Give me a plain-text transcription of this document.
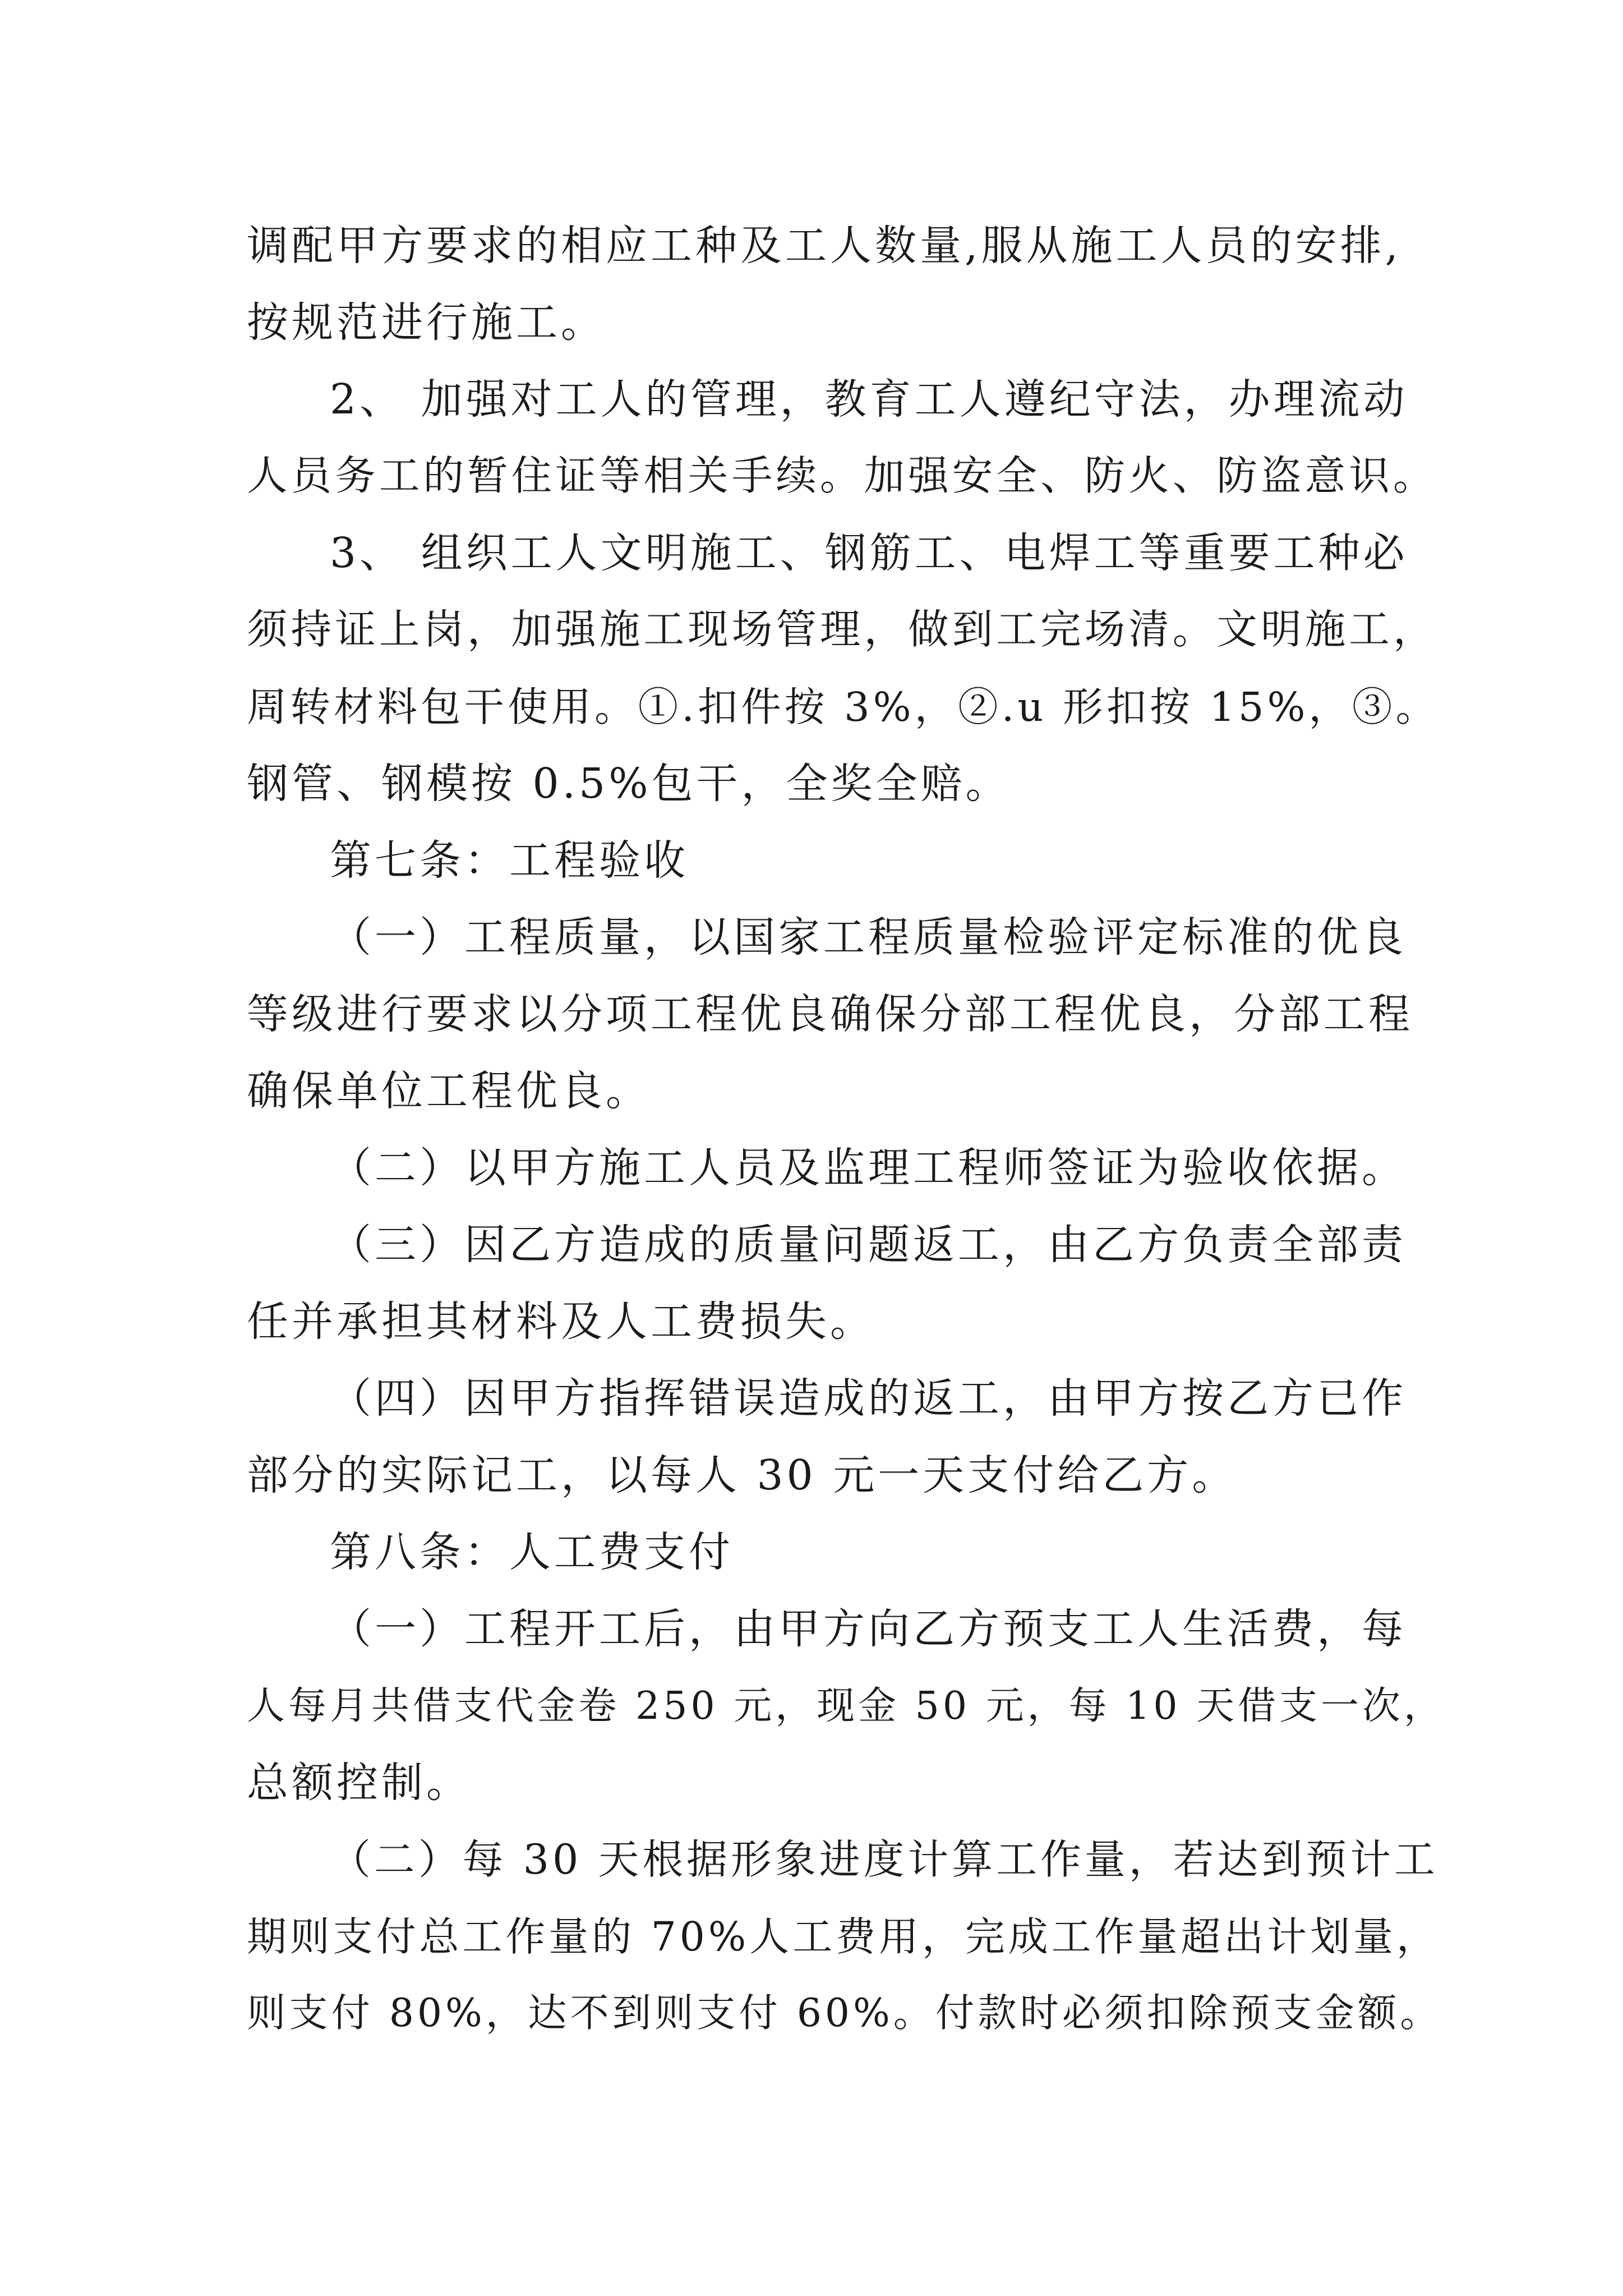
调配甲方要求的相应工种及工人数量,服从施工人员的安排,
按规范进行施工。
2、 加强对工人的管理，教育工人遵纪守法，办理流动
人员务工的暂住证等相关手续。加强安全、防火、防盗意识。
3、 组织工人文明施工、钢筋工、电焊工等重要工种必
须持证上岗，加强施工现场管理，做到工完场清。文明施工，
周转材料包干使用。①.扣件按 3%，②.u 形扣按 15%，③。
钢管、钢模按 0.5%包干，全奖全赔。
第七条：工程验收
（一）工程质量，以国家工程质量检验评定标准的优良
等级进行要求以分项工程优良确保分部工程优良，分部工程
确保单位工程优良。
（二）以甲方施工人员及监理工程师签证为验收依据。
（三）因乙方造成的质量问题返工，由乙方负责全部责
任并承担其材料及人工费损失。
（四）因甲方指挥错误造成的返工，由甲方按乙方已作
部分的实际记工，以每人 30 元一天支付给乙方。
第八条：人工费支付
（一）工程开工后，由甲方向乙方预支工人生活费，每
人每月共借支代金卷 250 元，现金 50 元，每 10 天借支一次，
总额控制。
（二）每 30 天根据形象进度计算工作量，若达到预计工
期则支付总工作量的 70%人工费用，完成工作量超出计划量，
则支付 80%，达不到则支付 60%。付款时必须扣除预支金额。
